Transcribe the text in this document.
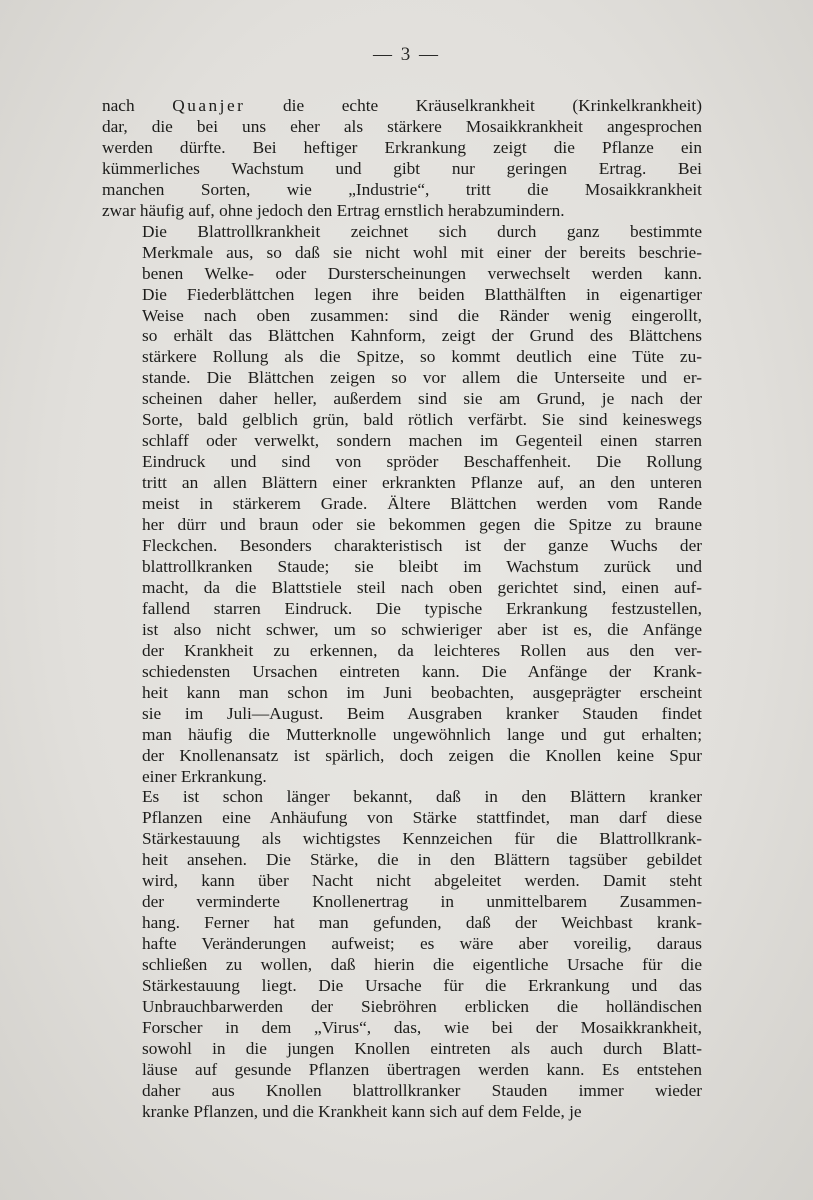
— 3 —
nach Quanjer die echte Kräuselkrankheit (Krinkelkrankheit)
dar, die bei uns eher als stärkere Mosaikkrankheit angesprochen
werden dürfte. Bei heftiger Erkrankung zeigt die Pflanze ein
kümmerliches Wachstum und gibt nur geringen Ertrag. Bei
manchen Sorten, wie „Industrie“, tritt die Mosaikkrankheit
zwar häufig auf, ohne jedoch den Ertrag ernstlich herabzumindern.
Die Blattrollkrankheit zeichnet sich durch ganz bestimmte
Merkmale aus, so daß sie nicht wohl mit einer der bereits beschrie-
benen Welke- oder Dursterscheinungen verwechselt werden kann.
Die Fiederblättchen legen ihre beiden Blatthälften in eigenartiger
Weise nach oben zusammen: sind die Ränder wenig eingerollt,
so erhält das Blättchen Kahnform, zeigt der Grund des Blättchens
stärkere Rollung als die Spitze, so kommt deutlich eine Tüte zu-
stande. Die Blättchen zeigen so vor allem die Unterseite und er-
scheinen daher heller, außerdem sind sie am Grund, je nach der
Sorte, bald gelblich grün, bald rötlich verfärbt. Sie sind keineswegs
schlaff oder verwelkt, sondern machen im Gegenteil einen starren
Eindruck und sind von spröder Beschaffenheit. Die Rollung
tritt an allen Blättern einer erkrankten Pflanze auf, an den unteren
meist in stärkerem Grade. Ältere Blättchen werden vom Rande
her dürr und braun oder sie bekommen gegen die Spitze zu braune
Fleckchen. Besonders charakteristisch ist der ganze Wuchs der
blattrollkranken Staude; sie bleibt im Wachstum zurück und
macht, da die Blattstiele steil nach oben gerichtet sind, einen auf-
fallend starren Eindruck. Die typische Erkrankung festzustellen,
ist also nicht schwer, um so schwieriger aber ist es, die Anfänge
der Krankheit zu erkennen, da leichteres Rollen aus den ver-
schiedensten Ursachen eintreten kann. Die Anfänge der Krank-
heit kann man schon im Juni beobachten, ausgeprägter erscheint
sie im Juli—August. Beim Ausgraben kranker Stauden findet
man häufig die Mutterknolle ungewöhnlich lange und gut erhalten;
der Knollenansatz ist spärlich, doch zeigen die Knollen keine Spur
einer Erkrankung.
Es ist schon länger bekannt, daß in den Blättern kranker
Pflanzen eine Anhäufung von Stärke stattfindet, man darf diese
Stärkestauung als wichtigstes Kennzeichen für die Blattrollkrank-
heit ansehen. Die Stärke, die in den Blättern tagsüber gebildet
wird, kann über Nacht nicht abgeleitet werden. Damit steht
der verminderte Knollenertrag in unmittelbarem Zusammen-
hang. Ferner hat man gefunden, daß der Weichbast krank-
hafte Veränderungen aufweist; es wäre aber voreilig, daraus
schließen zu wollen, daß hierin die eigentliche Ursache für die
Stärkestauung liegt. Die Ursache für die Erkrankung und das
Unbrauchbarwerden der Siebröhren erblicken die holländischen
Forscher in dem „Virus“, das, wie bei der Mosaikkrankheit,
sowohl in die jungen Knollen eintreten als auch durch Blatt-
läuse auf gesunde Pflanzen übertragen werden kann. Es entstehen
daher aus Knollen blattrollkranker Stauden immer wieder
kranke Pflanzen, und die Krankheit kann sich auf dem Felde, je
